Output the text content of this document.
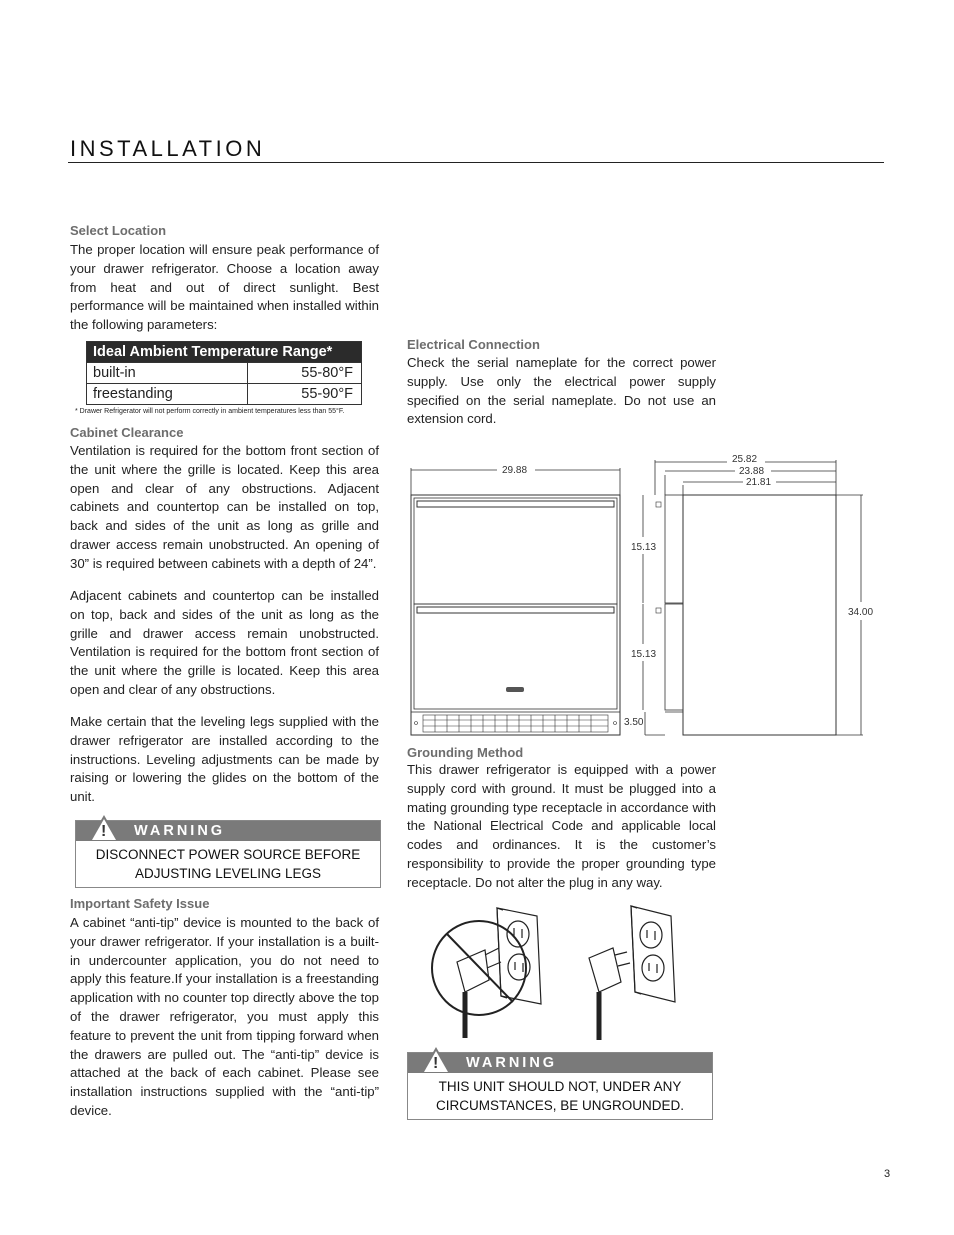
INSTALLATION
Select Location
The proper location will ensure peak performance of your drawer refrigerator. Choose a location away from heat and out of direct sunlight. Best performance will be maintained when installed within the following parameters:
Ideal Ambient Temperature Range*	
built-in	55-80°F
freestanding	55-90°F
* Drawer Refrigerator will not perform correctly in ambient temperatures less than 55°F.
Cabinet Clearance
Ventilation is required for the bottom front section of the unit where the grille is located. Keep this area open and clear of any obstructions. Adjacent cabinets and countertop can be installed on top, back and sides of the unit as long as grille and drawer access remain unobstructed. An opening of 30” is required between cabinets with a depth of 24”.
Adjacent cabinets and countertop can be installed on top, back and sides of the unit as long as the grille and drawer access remain unobstructed. Ventilation is required for the bottom front section of the unit where the grille is located. Keep this area open and clear of any obstructions.
Make certain that the leveling legs supplied with the drawer refrigerator are installed according to the instructions. Leveling adjustments can be made by raising or lowering the glides on the bottom of the unit.
! WARNING
DISCONNECT POWER SOURCE BEFORE
ADJUSTING LEVELING LEGS
Important Safety Issue
A cabinet “anti-tip” device is mounted to the back of your drawer refrigerator. If your installation is a built-in undercounter application, you do not need to apply this feature.If your installation is a freestanding application with no counter top directly above the top of the drawer refrigerator, you must apply this feature to prevent the unit from tipping forward when the drawers are pulled out. The “anti-tip” device is attached at the back of each cabinet. Please see installation instructions supplied with the “anti-tip” device.
Electrical Connection
Check the serial nameplate for the correct power supply. Use only the electrical power supply specified on the serial nameplate. Do not use an extension cord.
29.88
25.82
23.88
21.81
15.13
15.13
3.50
34.00
Grounding Method
This drawer refrigerator is equipped with a power supply cord with ground. It must be plugged into a mating grounding type receptacle in accordance with the National Electrical Code and applicable local codes and ordinances. It is the customer’s responsibility to provide the proper grounding type receptacle. Do not alter the plug in any way.
! WARNING
THIS UNIT SHOULD NOT, UNDER ANY
CIRCUMSTANCES, BE UNGROUNDED.
3
